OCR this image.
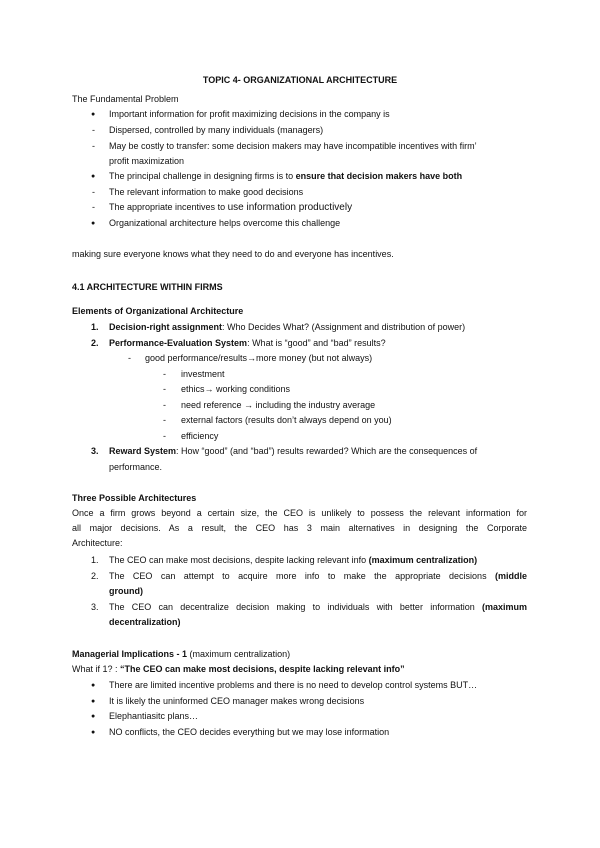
TOPIC 4- ORGANIZATIONAL ARCHITECTURE

The Fundamental Problem

● Important information for profit maximizing decisions in the company is

- Dispersed, controlled by many individuals (managers)

- May be costly to transfer: some decision makers may have incompatible incentives with firm’

profit maximization

● The principal challenge in designing firms is to ensure that decision makers have both

- The relevant information to make good decisions

- The appropriate incentives to use information productively

● Organizational architecture helps overcome this challenge

making sure everyone knows what they need to do and everyone has incentives.

4.1 ARCHITECTURE WITHIN FIRMS

Elements of Organizational Architecture

1. Decision-right assignment: Who Decides What? (Assignment and distribution of power)

2. Performance-Evaluation System: What is “good” and “bad” results?

- good performance/results→more money (but not always)

- investment

- ethics→ working conditions

- need reference → including the industry average

- external factors (results don’t always depend on you)

- efficiency

3. Reward System: How “good” (and “bad”) results rewarded? Which are the consequences of

performance.

Three Possible Architectures

Once a firm grows beyond a certain size, the CEO is unlikely to possess the relevant information for

all major decisions. As a result, the CEO has 3 main alternatives in designing the Corporate

Architecture:

1. The CEO can make most decisions, despite lacking relevant info (maximum centralization)

2. The CEO can attempt to acquire more info to make the appropriate decisions (middle

ground)

3. The CEO can decentralize decision making to individuals with better information (maximum

decentralization)

Managerial Implications - 1 (maximum centralization)

What if 1? : “The CEO can make most decisions, despite lacking relevant info”

● There are limited incentive problems and there is no need to develop control systems BUT…

● It is likely the uninformed CEO manager makes wrong decisions

● Elephantiasitc plans…

● NO conflicts, the CEO decides everything but we may lose information
